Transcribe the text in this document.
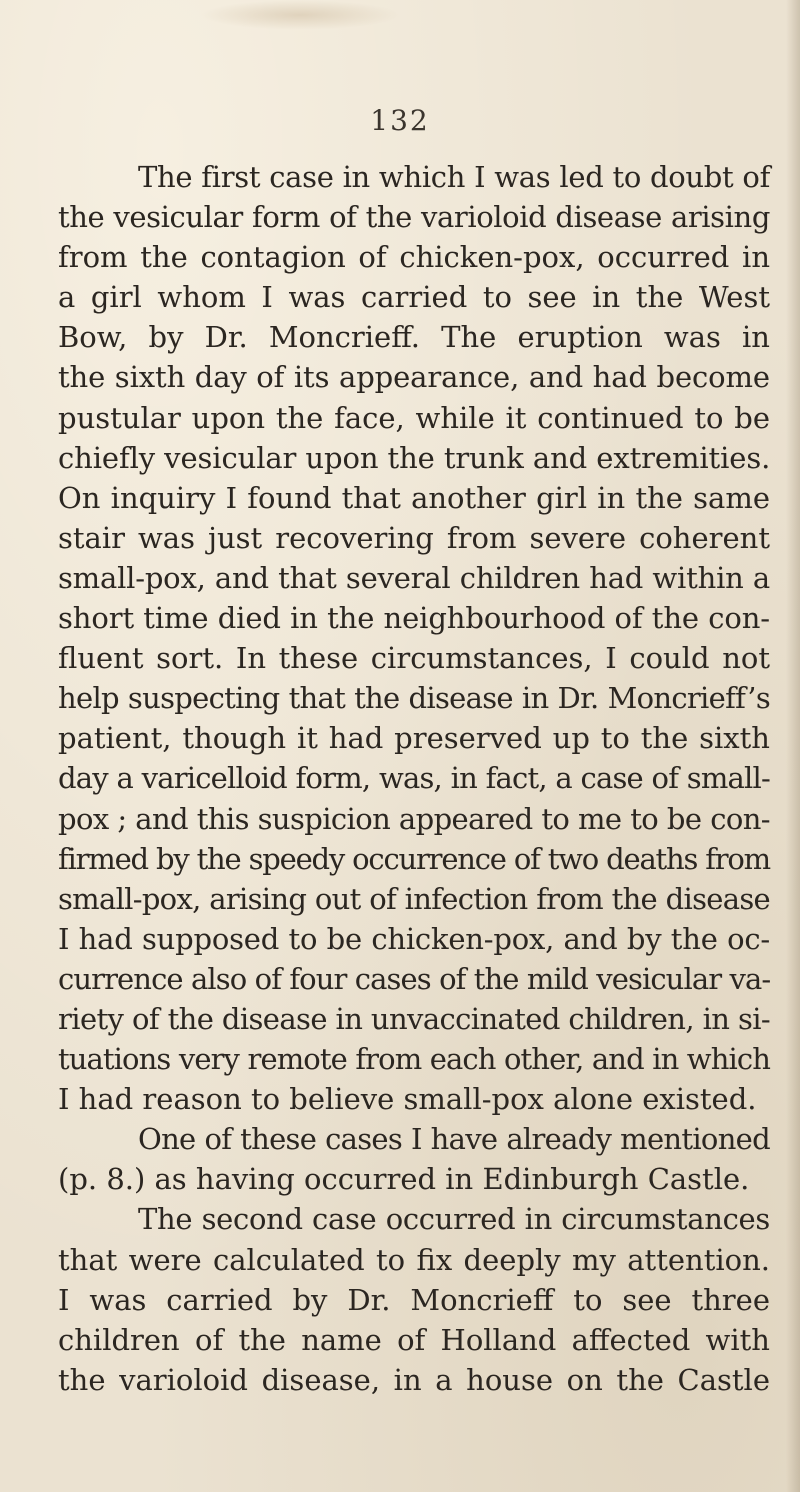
132
The first case in which I was led to doubt of
the vesicular form of the varioloid disease arising
from the contagion of chicken-pox, occurred in
a girl whom I was carried to see in the West
Bow, by Dr. Moncrieff. The eruption was in
the sixth day of its appearance, and had become
pustular upon the face, while it continued to be
chiefly vesicular upon the trunk and extremities.
On inquiry I found that another girl in the same
stair was just recovering from severe coherent
small-pox, and that several children had within a
short time died in the neighbourhood of the con-
fluent sort. In these circumstances, I could not
help suspecting that the disease in Dr. Moncrieff’s
patient, though it had preserved up to the sixth
day a varicelloid form, was, in fact, a case of small-
pox ; and this suspicion appeared to me to be con-
firmed by the speedy occurrence of two deaths from
small-pox, arising out of infection from the disease
I had supposed to be chicken-pox, and by the oc-
currence also of four cases of the mild vesicular va-
riety of the disease in unvaccinated children, in si-
tuations very remote from each other, and in which
I had reason to believe small-pox alone existed.
One of these cases I have already mentioned
(p. 8.) as having occurred in Edinburgh Castle.
The second case occurred in circumstances
that were calculated to fix deeply my attention.
I was carried by Dr. Moncrieff to see three
children of the name of Holland affected with
the varioloid disease, in a house on the Castle
